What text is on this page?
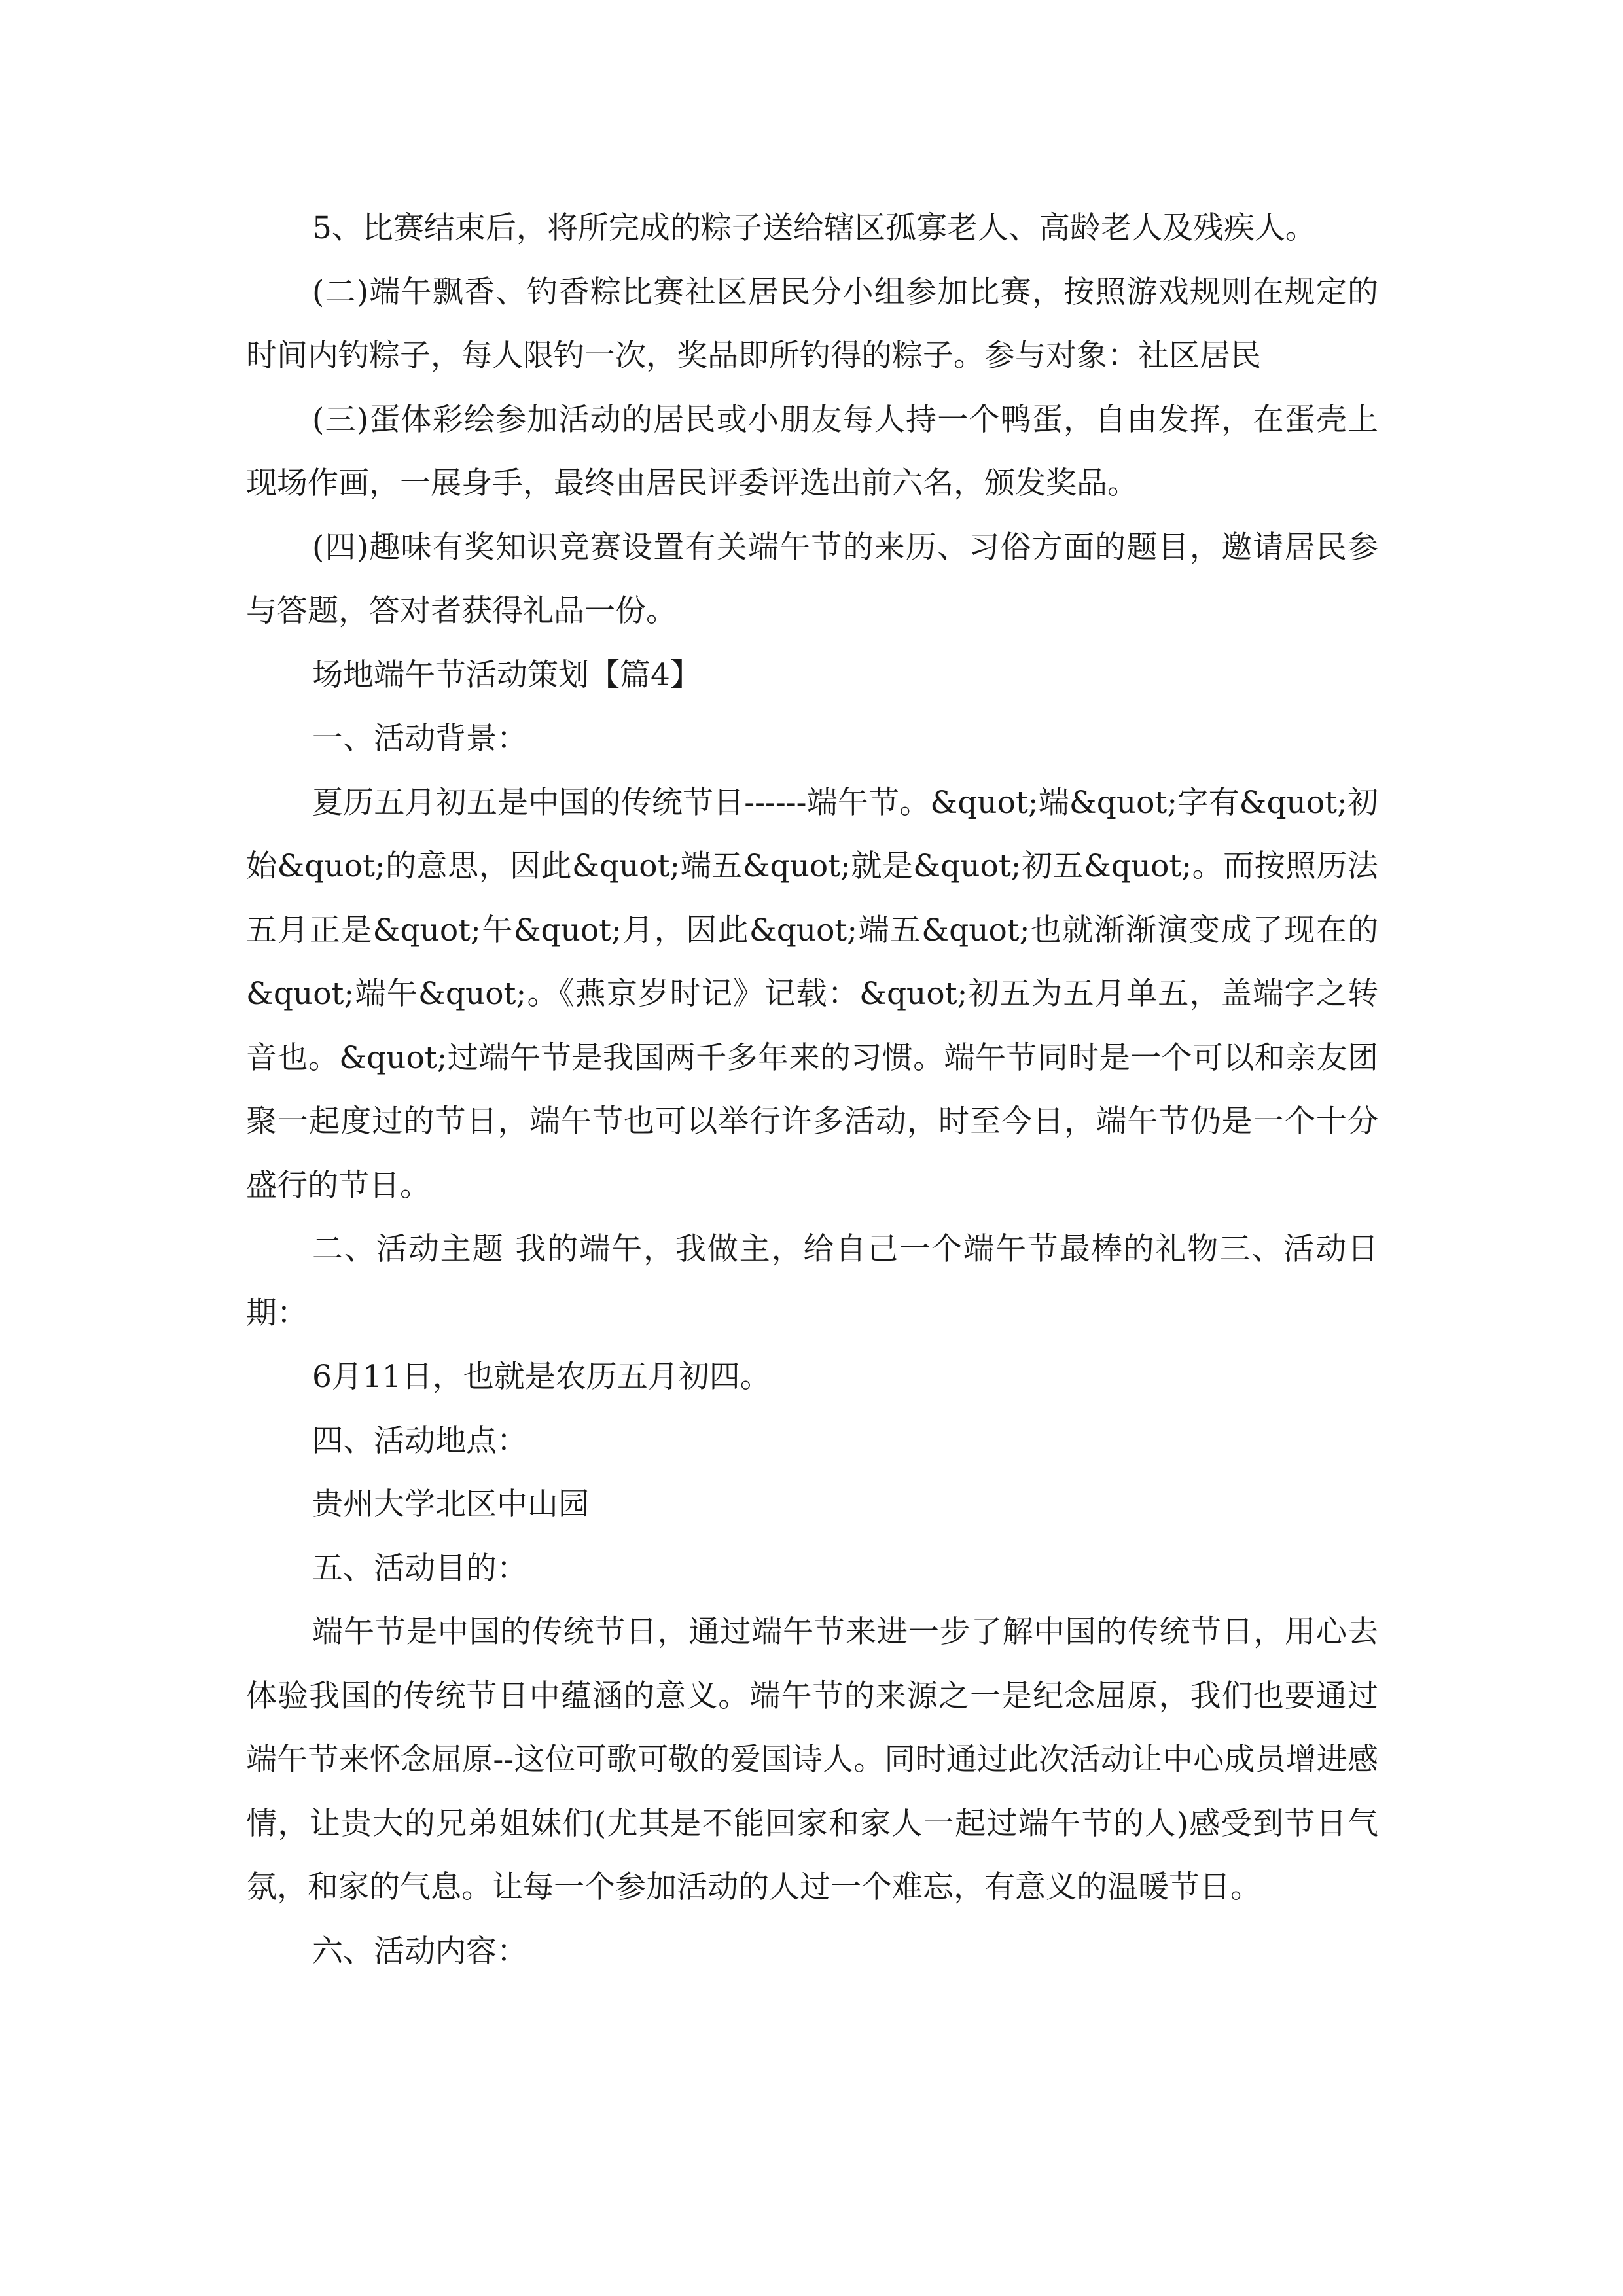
5、比赛结束后，将所完成的粽子送给辖区孤寡老人、高龄老人及残疾人。

(二)端午飘香、钓香粽比赛社区居民分小组参加比赛，按照游戏规则在规定的时间内钓粽子，每人限钓一次，奖品即所钓得的粽子。参与对象：社区居民

(三)蛋体彩绘参加活动的居民或小朋友每人持一个鸭蛋，自由发挥，在蛋壳上现场作画，一展身手，最终由居民评委评选出前六名，颁发奖品。

(四)趣味有奖知识竞赛设置有关端午节的来历、习俗方面的题目，邀请居民参与答题，答对者获得礼品一份。

场地端午节活动策划【篇4】

一、活动背景：

夏历五月初五是中国的传统节日------端午节。&quot;端&quot;字有&quot;初始&quot;的意思，因此&quot;端五&quot;就是&quot;初五&quot;。而按照历法五月正是&quot;午&quot;月，因此&quot;端五&quot;也就渐渐演变成了现在的&quot;端午&quot;。《燕京岁时记》记载：&quot;初五为五月单五，盖端字之转音也。&quot;过端午节是我国两千多年来的习惯。端午节同时是一个可以和亲友团聚一起度过的节日，端午节也可以举行许多活动，时至今日，端午节仍是一个十分盛行的节日。

二、活动主题 我的端午，我做主，给自己一个端午节最棒的礼物三、活动日期：

6月11日，也就是农历五月初四。

四、活动地点：

贵州大学北区中山园

五、活动目的：

端午节是中国的传统节日，通过端午节来进一步了解中国的传统节日，用心去体验我国的传统节日中蕴涵的意义。端午节的来源之一是纪念屈原，我们也要通过端午节来怀念屈原--这位可歌可敬的爱国诗人。同时通过此次活动让中心成员增进感情，让贵大的兄弟姐妹们(尤其是不能回家和家人一起过端午节的人)感受到节日气氛，和家的气息。让每一个参加活动的人过一个难忘，有意义的温暖节日。

六、活动内容：
